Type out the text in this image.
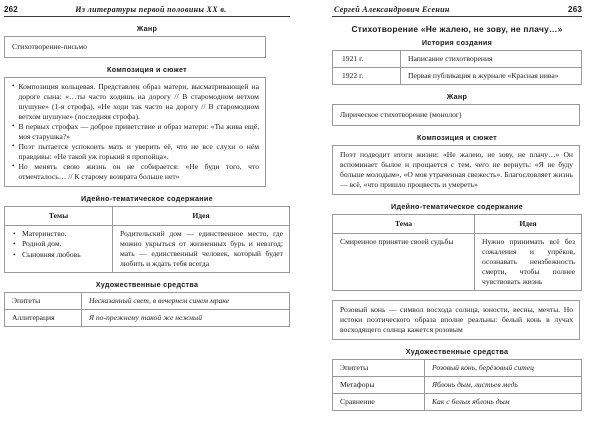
262	Из литературы первой половины XX в.
Жанр

Стихотворение-письмо

Композиция и сюжет
• Композиция кольцевая. Представлен образ матери, высматривающей на дороге сына: «…ты часто ходишь на дорогу // В старомодном ветхом шушуне» (1-я строфа), «Не ходи так часто на дорогу // В старомодном ветхом шушуне» (последняя строфа).
• В первых строфах — доброе приветствие и образ матери: «Ты жива ещё, моя старушка?»
• Поэт пытается успокоить мать и уверить её, что не все слухи о нём правдивы: «Не такой уж горький я пропойца».
• Но менять свою жизнь он не собирается: «Не буди того, что отмечталось… // К старому возврата больше нет»
Идейно-тематическое содержание
Темы	Идея

• Материнство.
• Родной дом.
• Сыновняя любовь
	Родительский дом — единственное место, где можно укрыться от жизненных бурь и невзгод; мать — единственный человек, который будет любить и ждать тебя всегда
Художественные средства
Эпитеты	Несказанный свет, в вечернем синем мраке
Аллитерация	Я по-прежнему такой же нежный
Сергей Александрович Есенин	263
Стихотворение «Не жалею, не зову, не плачу…»
История создания
1921 г.	Написание стихотворения
1922 г.	Первая публикация в журнале «Красная нива»
Жанр

Лирическое стихотворение (монолог)

Композиция и сюжет

Поэт подводит итоги жизни: «Не жалею, не зову, не плачу…» Он вспоминает былое и прощается с тем, чего не вернуть: «Я не буду больше молодым», «О моя утраченная свежесть». Благословляет жизнь — всё, «что пришло процвесть и умереть»

Идейно-тематическое содержание
Тема	Идея
Смиренное принятие своей судьбы	Нужно принимать всё без сожаления и упрёков, осознавать неизбежность смерти, чтобы полнее чувствовать жизнь

Розовый конь — символ восхода солнца, юности, весны, мечты. Но истоки поэтического образа вполне реальны: белый конь в лучах восходящего солнца кажется розовым

Художественные средства
Эпитеты	Розовый конь, берёзовый ситец
Метафоры	Яблонь дым, листьев медь
Сравнение	Как с белых яблонь дым
